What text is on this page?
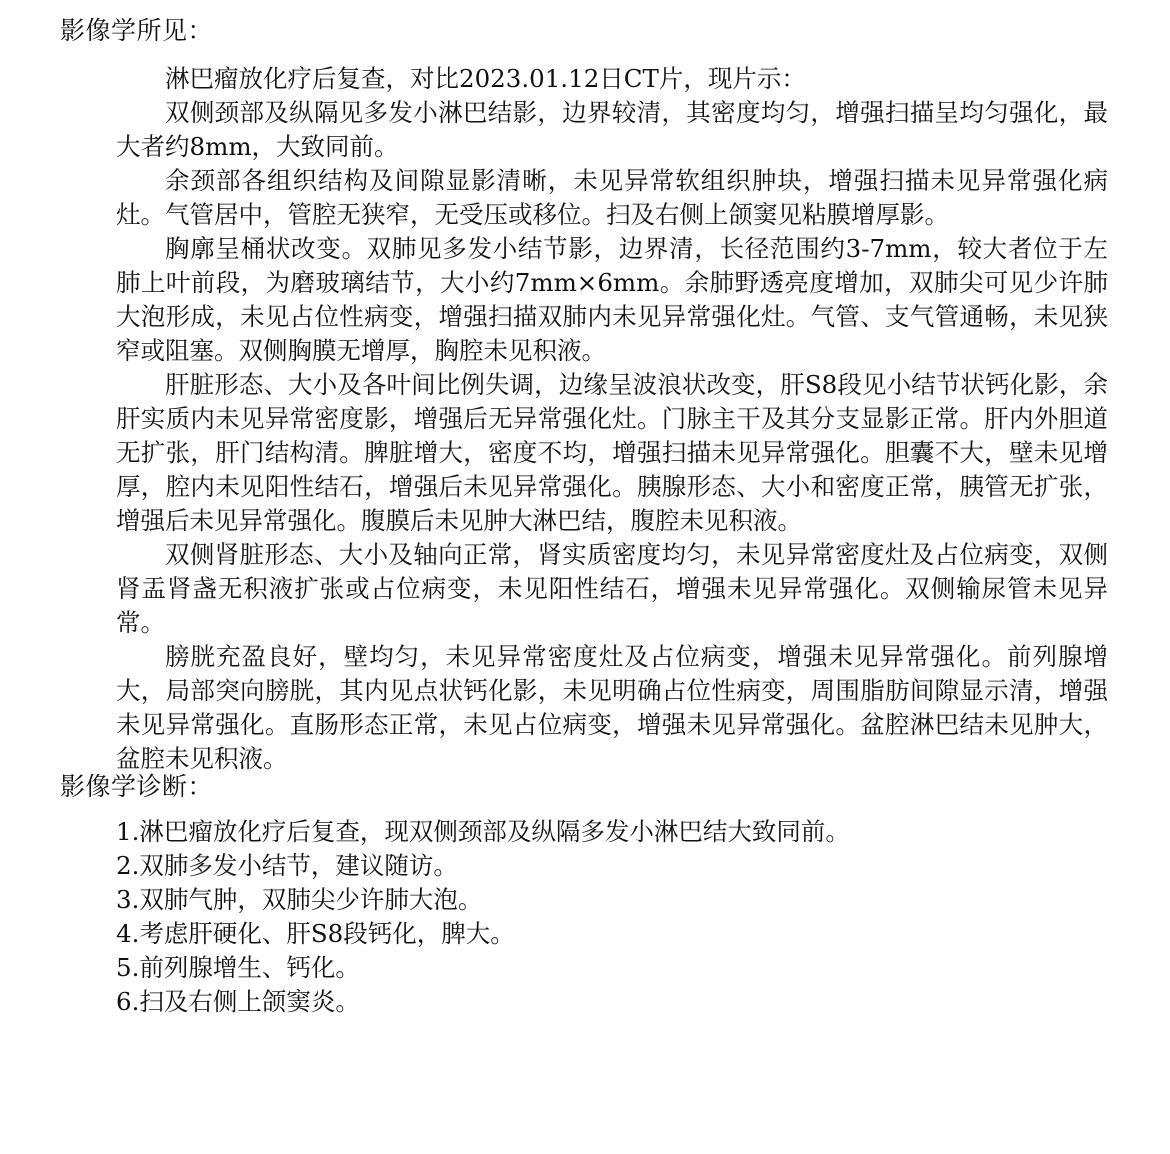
影像学所见：

淋巴瘤放化疗后复查，对比2023.01.12日CT片，现片示：

双侧颈部及纵隔见多发小淋巴结影，边界较清，其密度均匀，增强扫描呈均匀强化，最大者约8mm，大致同前。

余颈部各组织结构及间隙显影清晰，未见异常软组织肿块，增强扫描未见异常强化病灶。气管居中，管腔无狭窄，无受压或移位。扫及右侧上颌窦见粘膜增厚影。

胸廓呈桶状改变。双肺见多发小结节影，边界清，长径范围约3-7mm，较大者位于左肺上叶前段，为磨玻璃结节，大小约7mm×6mm。余肺野透亮度增加，双肺尖可见少许肺大泡形成，未见占位性病变，增强扫描双肺内未见异常强化灶。气管、支气管通畅，未见狭窄或阻塞。双侧胸膜无增厚，胸腔未见积液。

肝脏形态、大小及各叶间比例失调，边缘呈波浪状改变，肝S8段见小结节状钙化影，余肝实质内未见异常密度影，增强后无异常强化灶。门脉主干及其分支显影正常。肝内外胆道无扩张，肝门结构清。脾脏增大，密度不均，增强扫描未见异常强化。胆囊不大，壁未见增厚，腔内未见阳性结石，增强后未见异常强化。胰腺形态、大小和密度正常，胰管无扩张，增强后未见异常强化。腹膜后未见肿大淋巴结，腹腔未见积液。

双侧肾脏形态、大小及轴向正常，肾实质密度均匀，未见异常密度灶及占位病变，双侧肾盂肾盏无积液扩张或占位病变，未见阳性结石，增强未见异常强化。双侧输尿管未见异常。

膀胱充盈良好，壁均匀，未见异常密度灶及占位病变，增强未见异常强化。前列腺增大，局部突向膀胱，其内见点状钙化影，未见明确占位性病变，周围脂肪间隙显示清，增强未见异常强化。直肠形态正常，未见占位病变，增强未见异常强化。盆腔淋巴结未见肿大，盆腔未见积液。

影像学诊断：
1.淋巴瘤放化疗后复查，现双侧颈部及纵隔多发小淋巴结大致同前。
2.双肺多发小结节，建议随访。
3.双肺气肿，双肺尖少许肺大泡。
4.考虑肝硬化、肝S8段钙化，脾大。
5.前列腺增生、钙化。
6.扫及右侧上颌窦炎。
